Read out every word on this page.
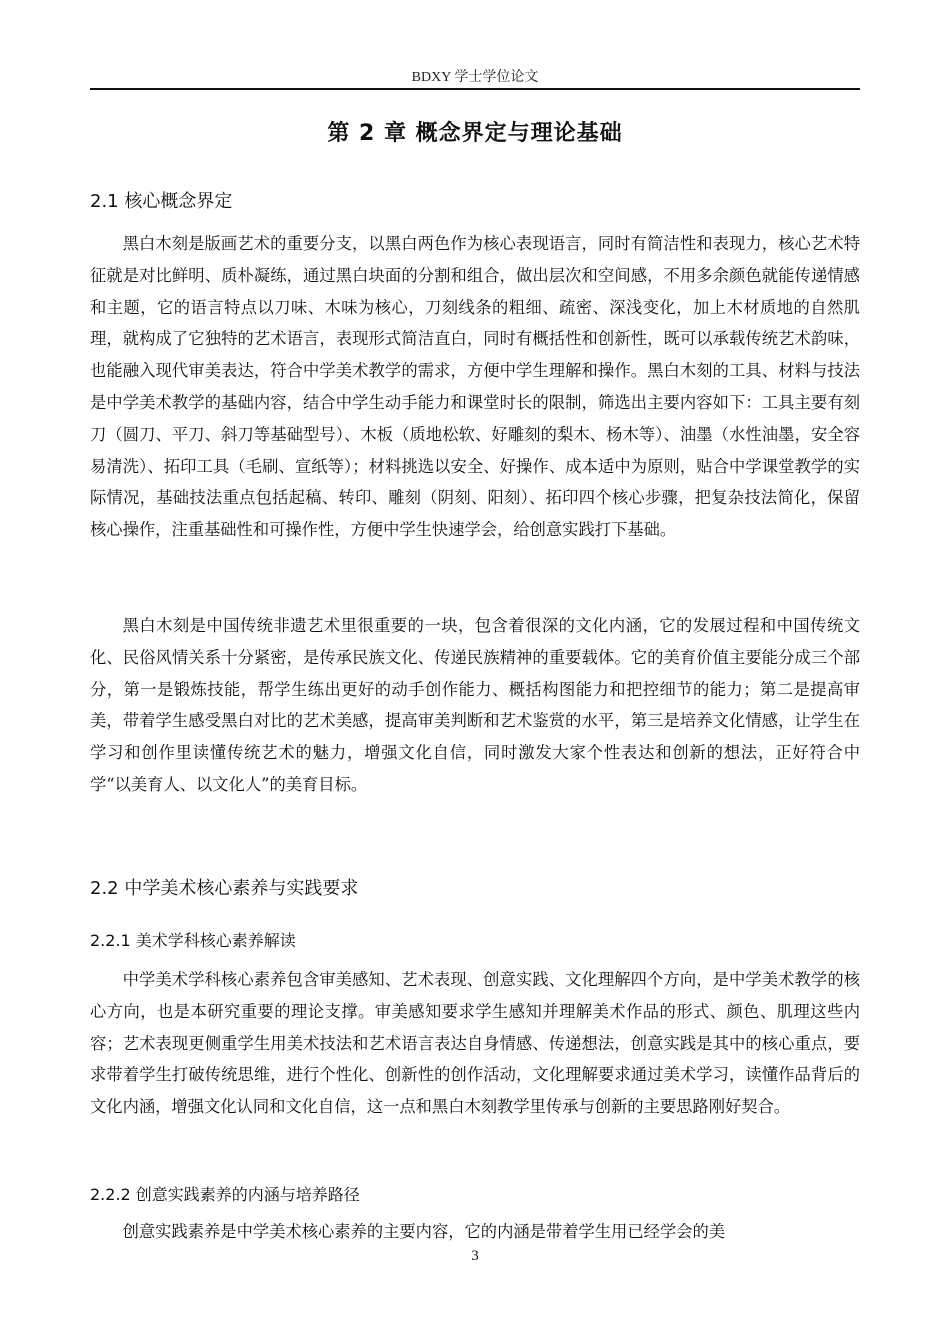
BDXY 学士学位论文
第 2 章 概念界定与理论基础
2.1 核心概念界定
黑白木刻是版画艺术的重要分支，以黑白两色作为核心表现语言，同时有简洁性和表现力，核心艺术特征就是对比鲜明、质朴凝练，通过黑白块面的分割和组合，做出层次和空间感，不用多余颜色就能传递情感和主题，它的语言特点以刀味、木味为核心，刀刻线条的粗细、疏密、深浅变化，加上木材质地的自然肌理，就构成了它独特的艺术语言，表现形式简洁直白，同时有概括性和创新性，既可以承载传统艺术韵味，也能融入现代审美表达，符合中学美术教学的需求，方便中学生理解和操作。黑白木刻的工具、材料与技法是中学美术教学的基础内容，结合中学生动手能力和课堂时长的限制，筛选出主要内容如下：工具主要有刻刀（圆刀、平刀、斜刀等基础型号）、木板（质地松软、好雕刻的梨木、杨木等）、油墨（水性油墨，安全容易清洗）、拓印工具（毛刷、宣纸等）；材料挑选以安全、好操作、成本适中为原则，贴合中学课堂教学的实际情况，基础技法重点包括起稿、转印、雕刻（阴刻、阳刻）、拓印四个核心步骤，把复杂技法简化，保留核心操作，注重基础性和可操作性，方便中学生快速学会，给创意实践打下基础。
黑白木刻是中国传统非遗艺术里很重要的一块，包含着很深的文化内涵，它的发展过程和中国传统文化、民俗风情关系十分紧密，是传承民族文化、传递民族精神的重要载体。它的美育价值主要能分成三个部分，第一是锻炼技能，帮学生练出更好的动手创作能力、概括构图能力和把控细节的能力；第二是提高审美，带着学生感受黑白对比的艺术美感，提高审美判断和艺术鉴赏的水平，第三是培养文化情感，让学生在学习和创作里读懂传统艺术的魅力，增强文化自信，同时激发大家个性表达和创新的想法，正好符合中学“以美育人、以文化人”的美育目标。
2.2 中学美术核心素养与实践要求
2.2.1 美术学科核心素养解读
中学美术学科核心素养包含审美感知、艺术表现、创意实践、文化理解四个方向，是中学美术教学的核心方向，也是本研究重要的理论支撑。审美感知要求学生感知并理解美术作品的形式、颜色、肌理这些内容；艺术表现更侧重学生用美术技法和艺术语言表达自身情感、传递想法，创意实践是其中的核心重点，要求带着学生打破传统思维，进行个性化、创新性的创作活动，文化理解要求通过美术学习，读懂作品背后的文化内涵，增强文化认同和文化自信，这一点和黑白木刻教学里传承与创新的主要思路刚好契合。
2.2.2 创意实践素养的内涵与培养路径
创意实践素养是中学美术核心素养的主要内容，它的内涵是带着学生用已经学会的美
3
